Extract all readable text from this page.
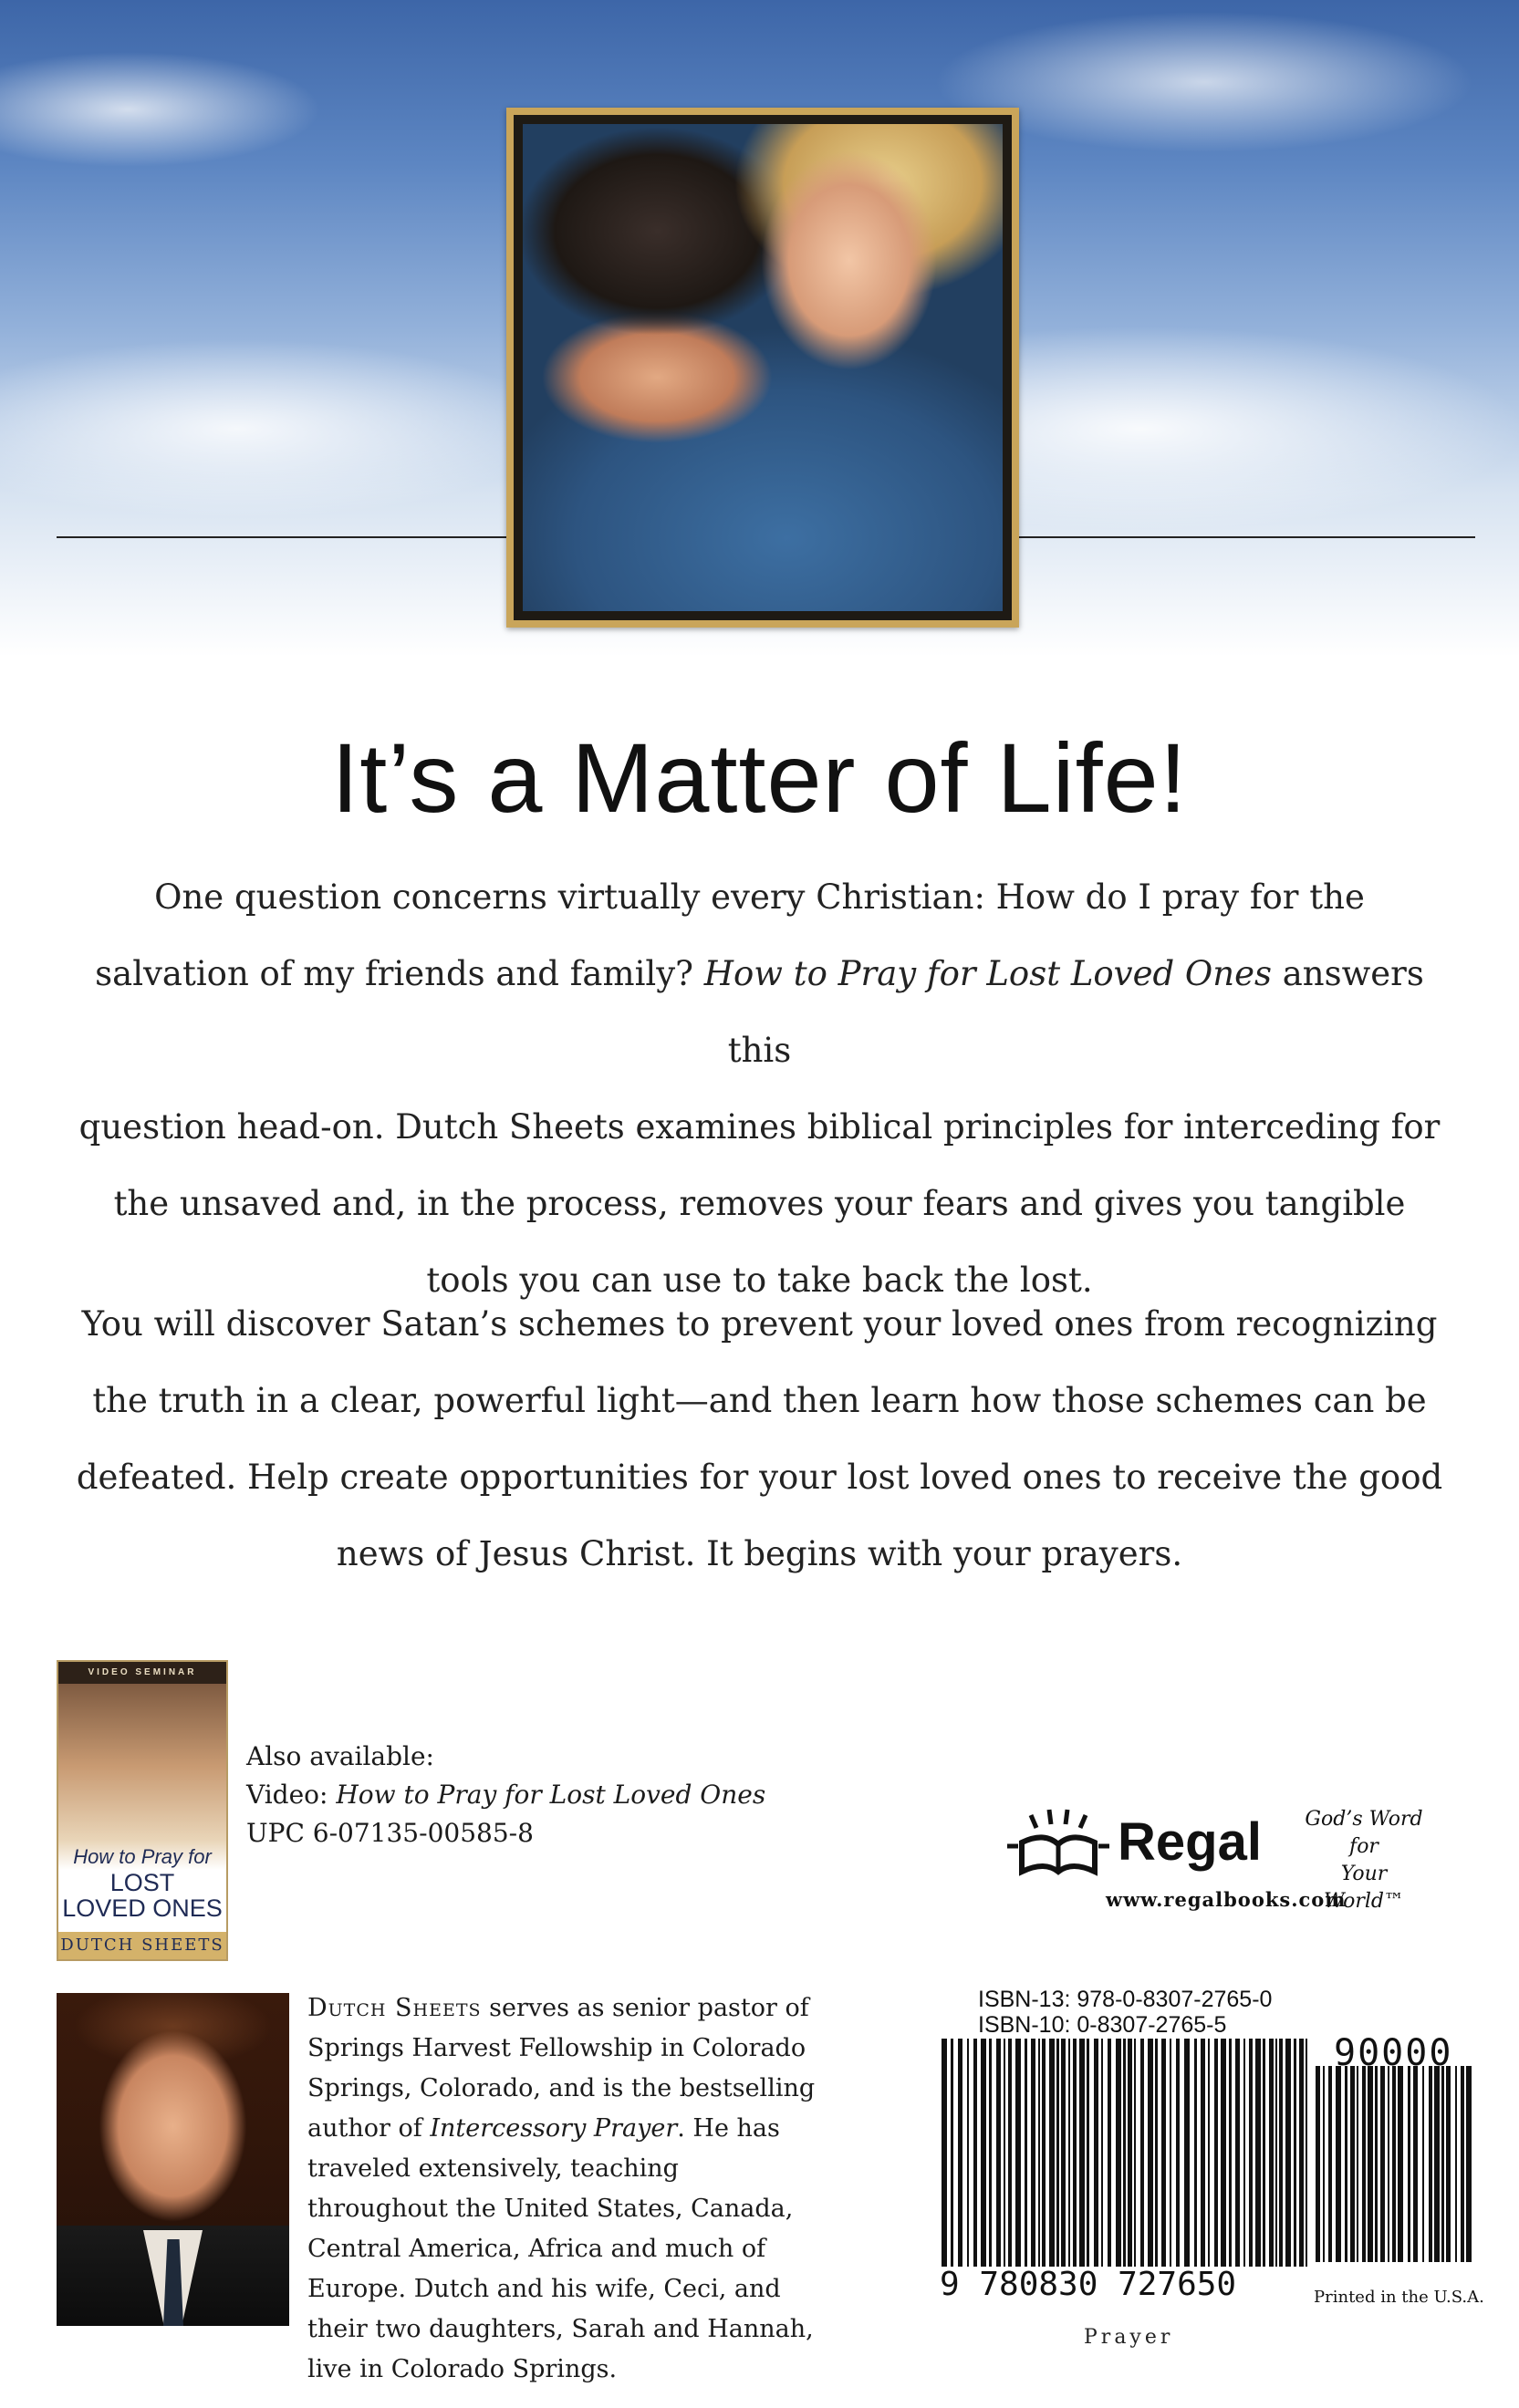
It’s a Matter of Life!
One question concerns virtually every Christian: How do I pray for the
salvation of my friends and family? How to Pray for Lost Loved Ones answers this
question head-on. Dutch Sheets examines biblical principles for interceding for
the unsaved and, in the process, removes your fears and gives you tangible
tools you can use to take back the lost.
You will discover Satan’s schemes to prevent your loved ones from recognizing
the truth in a clear, powerful light—and then learn how those schemes can be
defeated. Help create opportunities for your lost loved ones to receive the good
news of Jesus Christ. It begins with your prayers.
VIDEO SEMINAR
How to Pray for
LOST
LOVED ONES
DUTCH SHEETS
Also available:
Video: How to Pray for Lost Loved Ones
UPC 6-07135-00585-8	Regal God’s Word for
Your World™
www.regalbooks.com
Dutch Sheets serves as senior pastor of Springs Harvest Fellowship in Colorado Springs, Colorado, and is the bestselling author of Intercessory Prayer. He has traveled extensively, teaching throughout the United States, Canada, Central America, Africa and much of Europe. Dutch and his wife, Ceci, and their two daughters, Sarah and Hannah, live in Colorado Springs.
ISBN-13: 978-0-8307-2765-0
ISBN-10: 0-8307-2765-5
9 780830 727650
90000
Printed in the U.S.A.
Prayer
